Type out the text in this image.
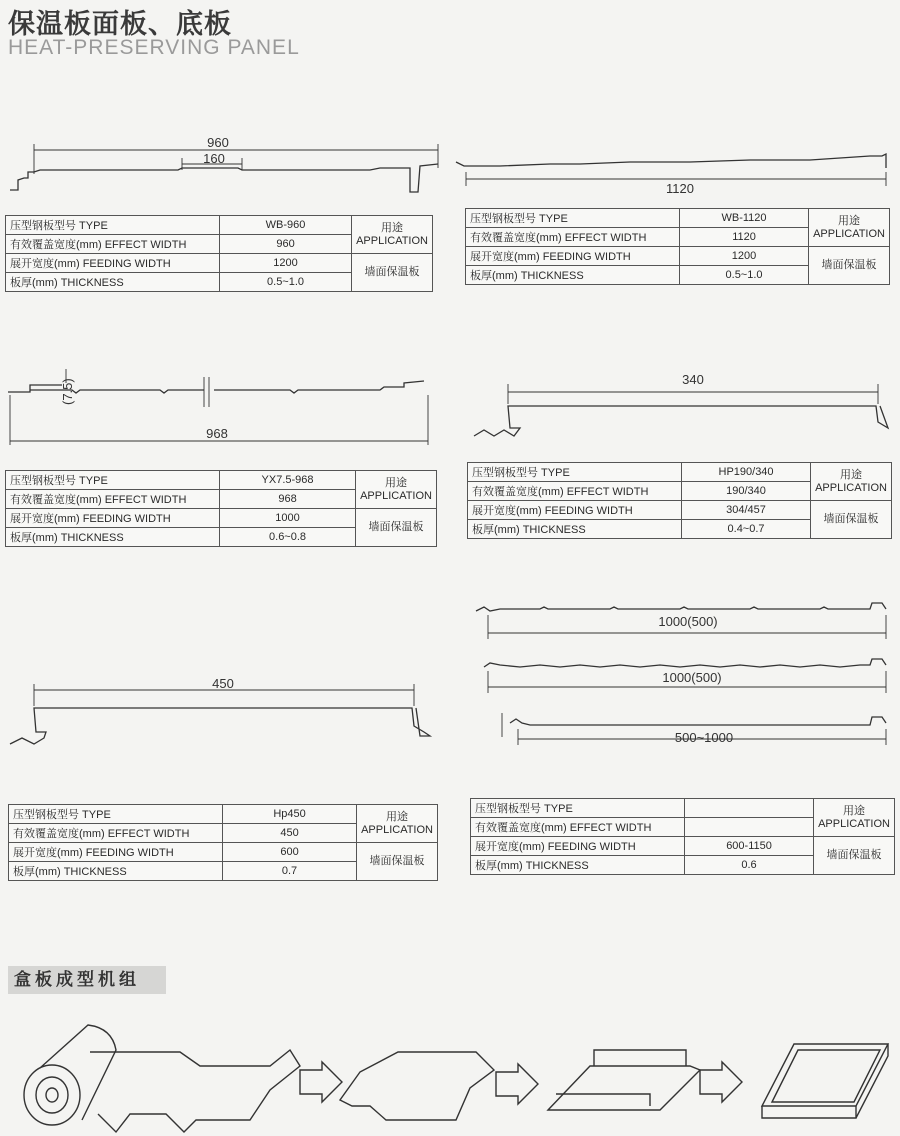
保温板面板、底板
HEAT-PRESERVING PANEL
960
160
压型钢板型号 TYPE	WB-960	用途
APPLICATION
有效覆盖宽度(mm) EFFECT WIDTH	960	
展开宽度(mm) FEEDING WIDTH	1200	墙面保温板
板厚(mm) THICKNESS	0.5~1.0	
1120
压型钢板型号 TYPE	WB-1120	用途
APPLICATION
有效覆盖宽度(mm) EFFECT WIDTH	1120	
展开宽度(mm) FEEDING WIDTH	1200	墙面保温板
板厚(mm) THICKNESS	0.5~1.0	
(7.5)
968
压型钢板型号 TYPE	YX7.5-968	用途
APPLICATION
有效覆盖宽度(mm) EFFECT WIDTH	968	
展开宽度(mm) FEEDING WIDTH	1000	墙面保温板
板厚(mm) THICKNESS	0.6~0.8	
340
压型钢板型号 TYPE	HP190/340	用途
APPLICATION
有效覆盖宽度(mm) EFFECT WIDTH	190/340	
展开宽度(mm) FEEDING WIDTH	304/457	墙面保温板
板厚(mm) THICKNESS	0.4~0.7	
450
压型钢板型号 TYPE	Hp450	用途
APPLICATION
有效覆盖宽度(mm) EFFECT WIDTH	450	
展开宽度(mm) FEEDING WIDTH	600	墙面保温板
板厚(mm) THICKNESS	0.7	
1000(500)
1000(500)
500~1000
压型钢板型号 TYPE		用途
APPLICATION
有效覆盖宽度(mm) EFFECT WIDTH		
展开宽度(mm) FEEDING WIDTH	600-1150	墙面保温板
板厚(mm) THICKNESS	0.6	
盒板成型机组
